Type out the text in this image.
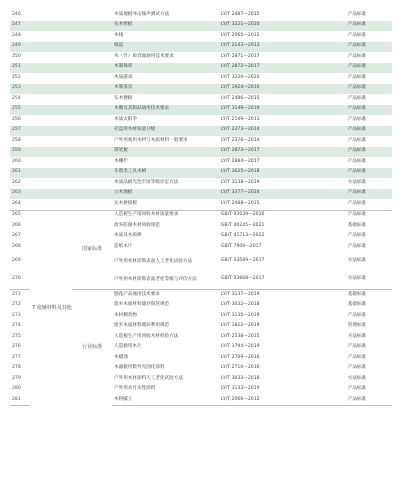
246			木质地板冲击噪声测试方法	LY/T 2487—2015	产品标准
247			实木壁板	LY/T 3221—2020	产品标准
248			木栈	LY/T 2065—2012	产品标准
249			栈道	LY/T 2143—2013	产品标准
250			木（竹）质容器通用技术要求	LY/T 2871—2017	产品标准
251			木制珠串	LY/T 2872—2017	产品标准
252			木质游戏	LY/T 3220—2020	产品标准
253			木制茶具	LY/T 1924—2010	产品标准
254			实木楼板	LY/T 2486—2015	产品标准
255			木雕及其制品通用技术要求	LY/T 3149—2019	产品标准
256			木质太阳伞	LY/T 2149—2013	产品标准
257			托盘用木材质量分级	LY/T 2373—2014	产品标准
258			户外用观用木材与木质材料一般要求	LY/T 2376—2014	产品标准
259			锁笔板	LY/T 2873—2017	产品标准
260			木栅栏	LY/T 2884—2017	产品标准
261			车削类工具木柄	LY/T 3025—2018	产品标准
262			木质品耐光色牢度等级评定方法	LY/T 3138—2019	方法标准
263			立木地板	LY/T 3377—2024	产品标准
264			实木拼接板	LY/T 2488—2015	产品标准
265	7 废辅材料及其他	国家标准	人造板生产用回收木材质量要求	GB/T 33039—2016	产品标准
266			废弃防腐木材回收规范	GB/T 40245—2021	基础标准
267			木质及木质棒	GB/T 41713—2022	产品标准
268			造纸木片	GB/T 7909—2017	产品标准
269			户外用木材涂饰表面人工老化试验方法	GB/T 33589—2017	方法标准
270			户外用木材涂饰表面老化等级与评价方法	GB/T 33668—2017	方法标准
271		行业标准	刨花产品通用技术要求	LY/T 3137—2019	基础标准
272			废弃木质材料储存保管规范	LY/T 3032—2018	基础标准
273			木材剩余物	LY/T 3135—2019	产品标准
274			废弃木质材料循环利用规范	LY/T 1822—2019	管理标准
275			人造板生产用回收木材检验方法	LY/T 2538—2015	方法标准
276			人造板用木片	LY/T 1794—2019	产品标准
277			木蜡油	LY/T 2709—2016	产品标准
278			木器板用紫外光固化涂料	LY/T 2710—2016	产品标准
279			户外用木材涂料人工老化试验方法	LY/T 3033—2018	方法标准
280			户外用木竹水性涂料	LY/T 3133—2019	产品标准
281			木粉腻子	LY/T 2066—2012	产品标准
